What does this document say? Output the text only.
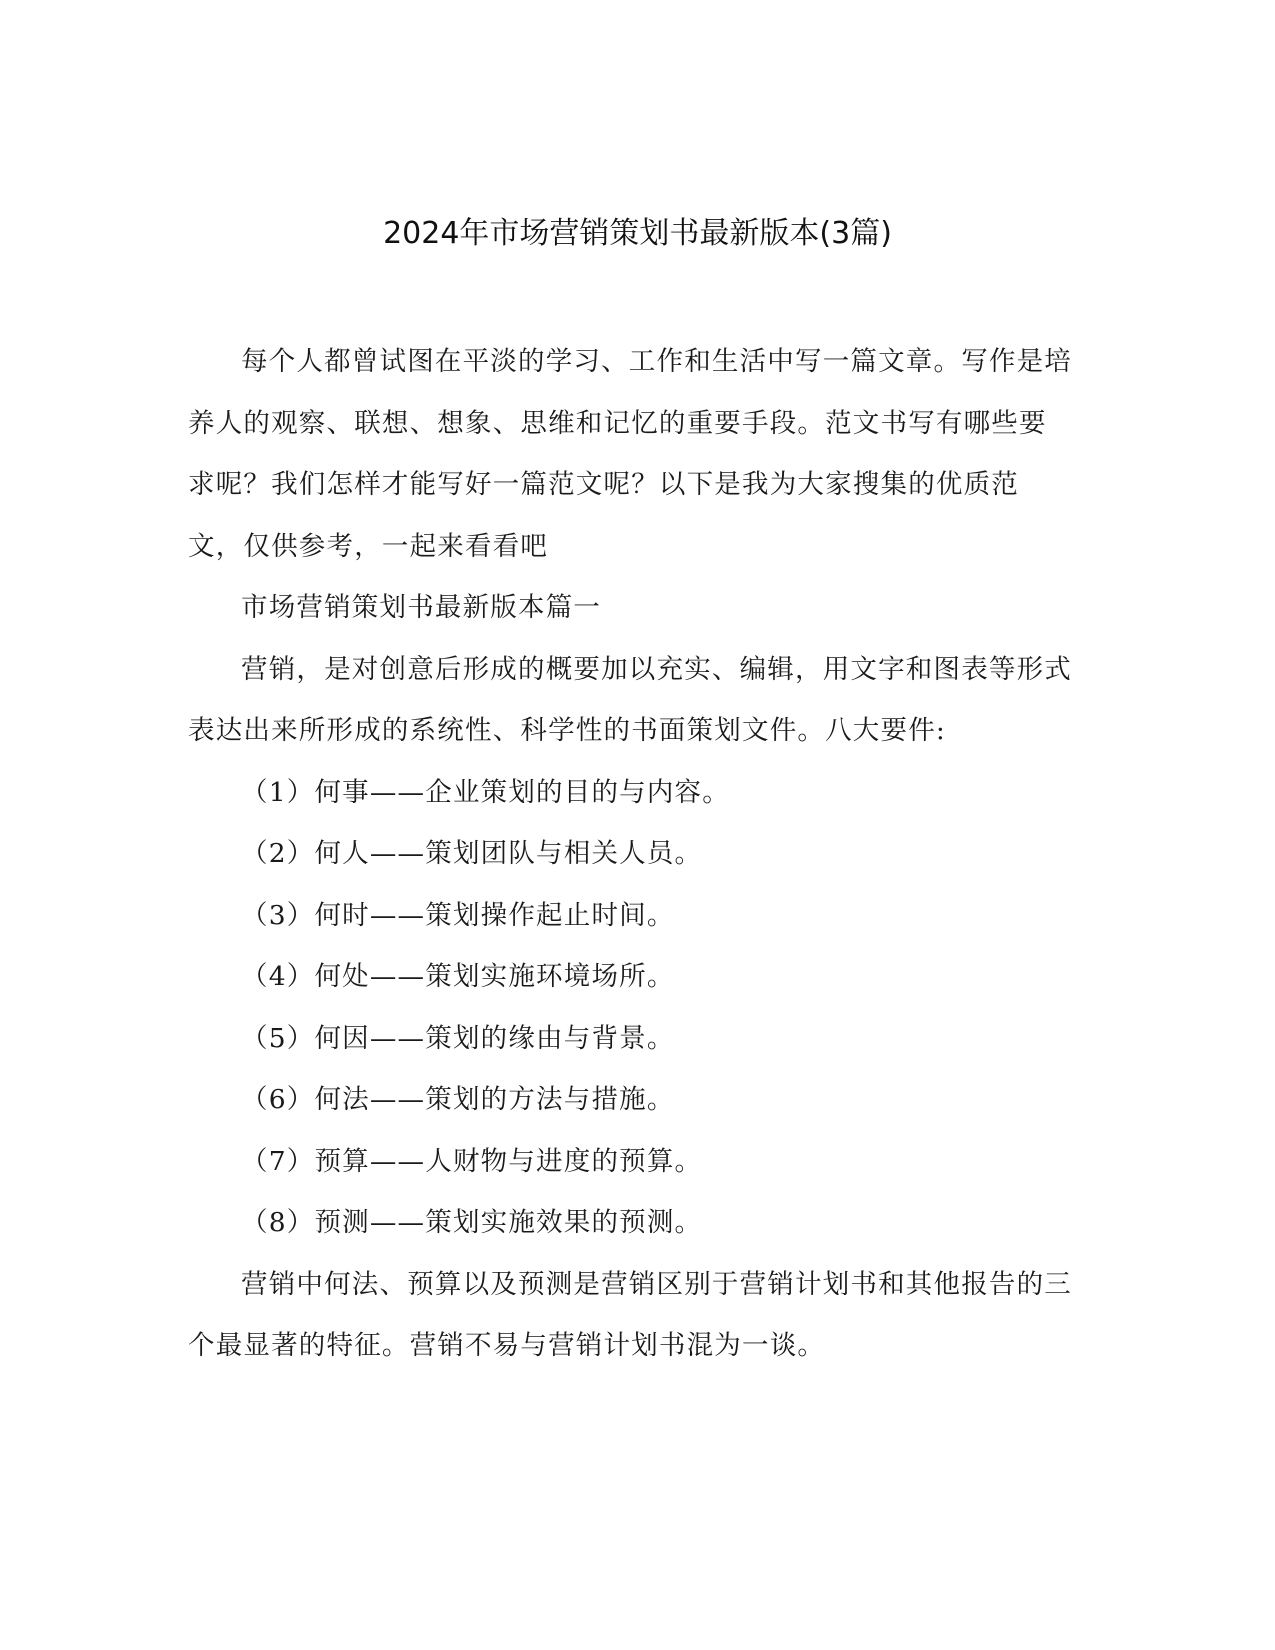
2024年市场营销策划书最新版本(3篇)

每个人都曾试图在平淡的学习、工作和生活中写一篇文章。写作是培养人的观察、联想、想象、思维和记忆的重要手段。范文书写有哪些要求呢？我们怎样才能写好一篇范文呢？以下是我为大家搜集的优质范文，仅供参考，一起来看看吧

市场营销策划书最新版本篇一

营销，是对创意后形成的概要加以充实、编辑，用文字和图表等形式表达出来所形成的系统性、科学性的书面策划文件。八大要件:

（1）何事——企业策划的目的与内容。

（2）何人——策划团队与相关人员。

（3）何时——策划操作起止时间。

（4）何处——策划实施环境场所。

（5）何因——策划的缘由与背景。

（6）何法——策划的方法与措施。

（7）预算——人财物与进度的预算。

（8）预测——策划实施效果的预测。

营销中何法、预算以及预测是营销区别于营销计划书和其他报告的三个最显著的特征。营销不易与营销计划书混为一谈。
